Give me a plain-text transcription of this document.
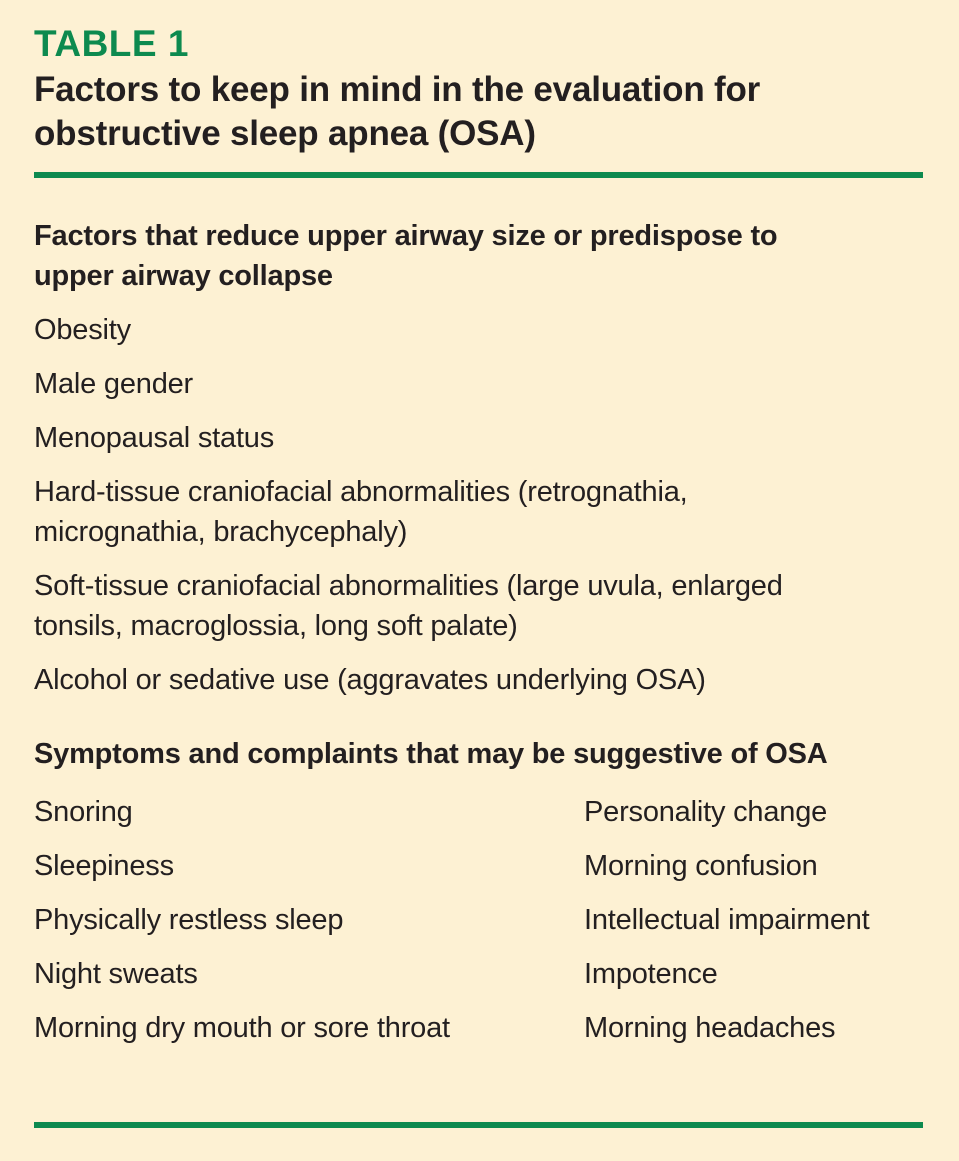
TABLE 1
Factors to keep in mind in the evaluation for
obstructive sleep apnea (OSA)
Factors that reduce upper airway size or predispose to
upper airway collapse
Obesity
Male gender
Menopausal status
Hard-tissue craniofacial abnormalities (retrognathia,
micrognathia, brachycephaly)
Soft-tissue craniofacial abnormalities (large uvula, enlarged
tonsils, macroglossia, long soft palate)
Alcohol or sedative use (aggravates underlying OSA)
Symptoms and complaints that may be suggestive of OSA
Snoring
Sleepiness
Physically restless sleep
Night sweats
Morning dry mouth or sore throat
Personality change
Morning confusion
Intellectual impairment
Impotence
Morning headaches
